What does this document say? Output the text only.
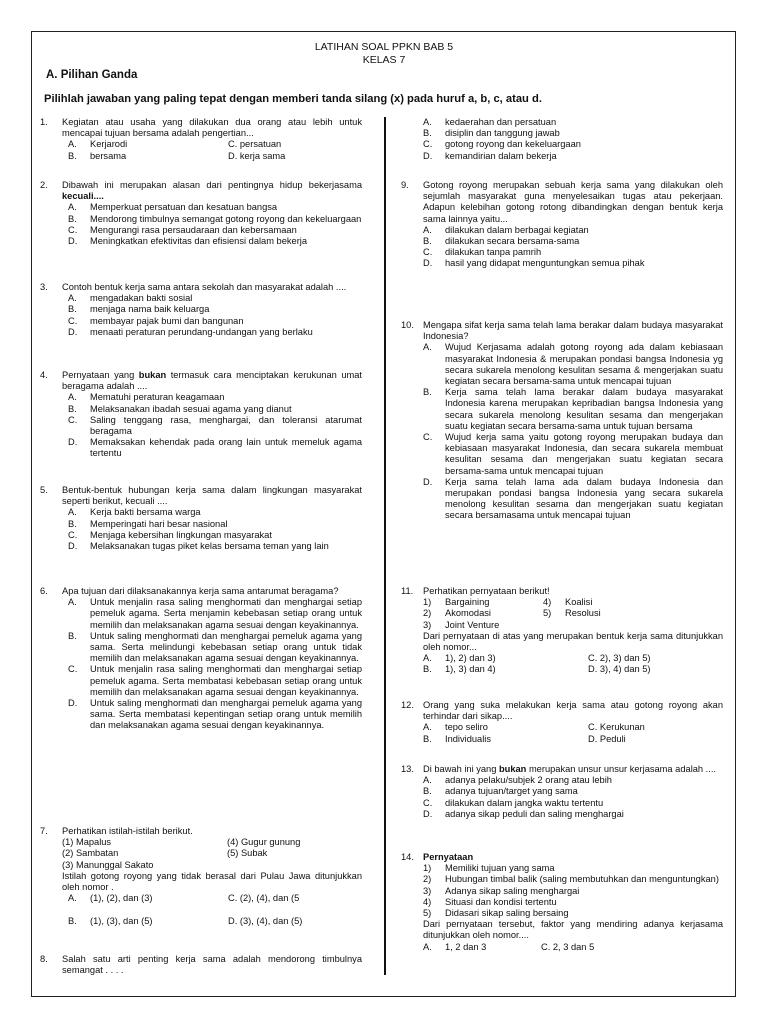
LATIHAN SOAL PPKN BAB 5
KELAS 7
A. Pilihan Ganda
Pilihlah jawaban yang paling tepat dengan memberi tanda silang (x) pada huruf a, b, c, atau d.
1. Kegiatan atau usaha yang dilakukan dua orang atau lebih untuk mencapai tujuan bersama adalah pengertian...
A.	Kerjarodi	C. persatuan
B.	bersama	D. kerja sama
2. Dibawah ini merupakan alasan dari pentingnya hidup bekerjasama kecuali....
A.	Memperkuat persatuan dan kesatuan bangsa
B.	Mendorong timbulnya semangat gotong royong dan kekeluargaan
C.	Mengurangi rasa persaudaraan dan kebersamaan
D.	Meningkatkan efektivitas dan efisiensi dalam bekerja
3. Contoh bentuk kerja sama antara sekolah dan masyarakat adalah ....
A.	mengadakan bakti sosial
B.	menjaga nama baik keluarga
C.	membayar pajak bumi dan bangunan
D.	menaati peraturan perundang-undangan yang berlaku
4. Pernyataan yang bukan termasuk cara menciptakan kerukunan umat beragama adalah ....
A.	Mematuhi peraturan keagamaan
B.	Melaksanakan ibadah sesuai agama yang dianut
C.	Saling tenggang rasa, menghargai, dan toleransi atarumat beragama
D.	Memaksakan kehendak pada orang lain untuk memeluk agama tertentu
5. Bentuk-bentuk hubungan kerja sama dalam lingkungan masyarakat seperti berikut, kecuali ....
A.	Kerja bakti bersama warga
B.	Memperingati hari besar nasional
C.	Menjaga kebersihan lingkungan masyarakat
D.	Melaksanakan tugas piket kelas bersama teman yang lain
6. Apa tujuan dari dilaksanakannya kerja sama antarumat beragama?
A.	Untuk menjalin rasa saling menghormati dan menghargai setiap pemeluk agama. Serta menjamin kebebasan setiap orang untuk memilih dan melaksanakan agama sesuai dengan keyakinannya.
B.	Untuk saling menghormati dan menghargai pemeluk agama yang sama. Serta melindungi kebebasan setiap orang untuk tidak memilih dan melaksanakan agama sesuai dengan keyakinannya.
C.	Untuk menjalin rasa saling menghormati dan menghargai setiap pemeluk agama. Serta membatasi kebebasan setiap orang untuk memilih dan melaksanakan agama sesuai dengan keyakinannya.
D.	Untuk saling menghormati dan menghargai pemeluk agama yang sama. Serta membatasi kepentingan setiap orang untuk memilih dan melaksanakan agama sesuai dengan keyakinannya.
7. Perhatikan istilah-istilah berikut.
(1) Mapalus	(4) Gugur gunung
(2) Sambatan	(5) Subak
(3) Manunggal Sakato
Istilah gotong royong yang tidak berasal dari Pulau Jawa ditunjukkan oleh nomor .
A.	(1), (2), dan (3)	C. (2), (4), dan (5
B.	(1), (3), dan (5)	D. (3), (4), dan (5)
8. Salah satu arti penting kerja sama adalah mendorong timbulnya semangat . . . .
A.	kedaerahan dan persatuan
B.	disiplin dan tanggung jawab
C.	gotong royong dan kekeluargaan
D.	kemandirian dalam bekerja
9. Gotong royong merupakan sebuah kerja sama yang dilakukan oleh sejumlah masyarakat guna menyelesaikan tugas atau pekerjaan. Adapun kelebihan gotong rotong dibandingkan dengan bentuk kerja sama lainnya yaitu...
A.	dilakukan dalam berbagai kegiatan
B.	dilakukan secara bersama-sama
C.	dilakukan tanpa pamrih
D.	hasil yang didapat menguntungkan semua pihak
10. Mengapa sifat kerja sama telah lama berakar dalam budaya masyarakat Indonesia?
A.	Wujud Kerjasama adalah gotong royong ada dalam kebiasaan masyarakat Indonesia & merupakan pondasi bangsa Indonesia yg secara sukarela menolong kesulitan sesama & mengerjakan suatu kegiatan secara bersama-sama untuk mencapai tujuan
B.	Kerja sama telah lama berakar dalam budaya masyarakat Indonesia karena merupakan kepribadian bangsa Indonesia yang secara sukarela menolong kesulitan sesama dan mengerjakan suatu kegiatan secara bersama-sama untuk tujuan bersama
C.	Wujud kerja sama yaitu gotong royong merupakan budaya dan kebiasaan masyarakat Indonesia, dan secara sukarela membuat kesulitan sesama dan mengerjakan suatu kegiatan secara bersama-sama untuk mencapai tujuan
D.	Kerja sama telah lama ada dalam budaya Indonesia dan merupakan pondasi bangsa Indonesia yang secara sukarela menolong kesulitan sesama dan mengerjakan suatu kegiatan secara bersamasama untuk mencapai tujuan
11. Perhatikan pernyataan berikut!
1)	Bargaining	4)	Koalisi
2)	Akomodasi	5)	Resolusi
3)	Joint Venture
Dari pernyataan di atas yang merupakan bentuk kerja sama ditunjukkan oleh nomor...
A.	1), 2) dan 3)	C. 2), 3) dan 5)
B.	1), 3) dan 4)	D. 3), 4) dan 5)
12. Orang yang suka melakukan kerja sama atau gotong royong akan terhindar dari sikap....
A.	tepo seliro	C. Kerukunan
B.	Individualis	D. Peduli
13. Di bawah ini yang bukan merupakan unsur unsur kerjasama adalah ....
A.	adanya pelaku/subjek 2 orang atau lebih
B.	adanya tujuan/target yang sama
C.	dilakukan dalam jangka waktu tertentu
D.	adanya sikap peduli dan saling menghargai
14. Pernyataan
1)	Memiliki tujuan yang sama
2)	Hubungan timbal balik (saling membutuhkan dan menguntungkan)
3)	Adanya sikap saling menghargai
4)	Situasi dan kondisi tertentu
5)	Didasari sikap saling bersaing
Dari pernyataan tersebut, faktor yang mendiring adanya kerjasama ditunjukkan oleh nomor....
A.	1, 2 dan 3	C. 2, 3 dan 5
